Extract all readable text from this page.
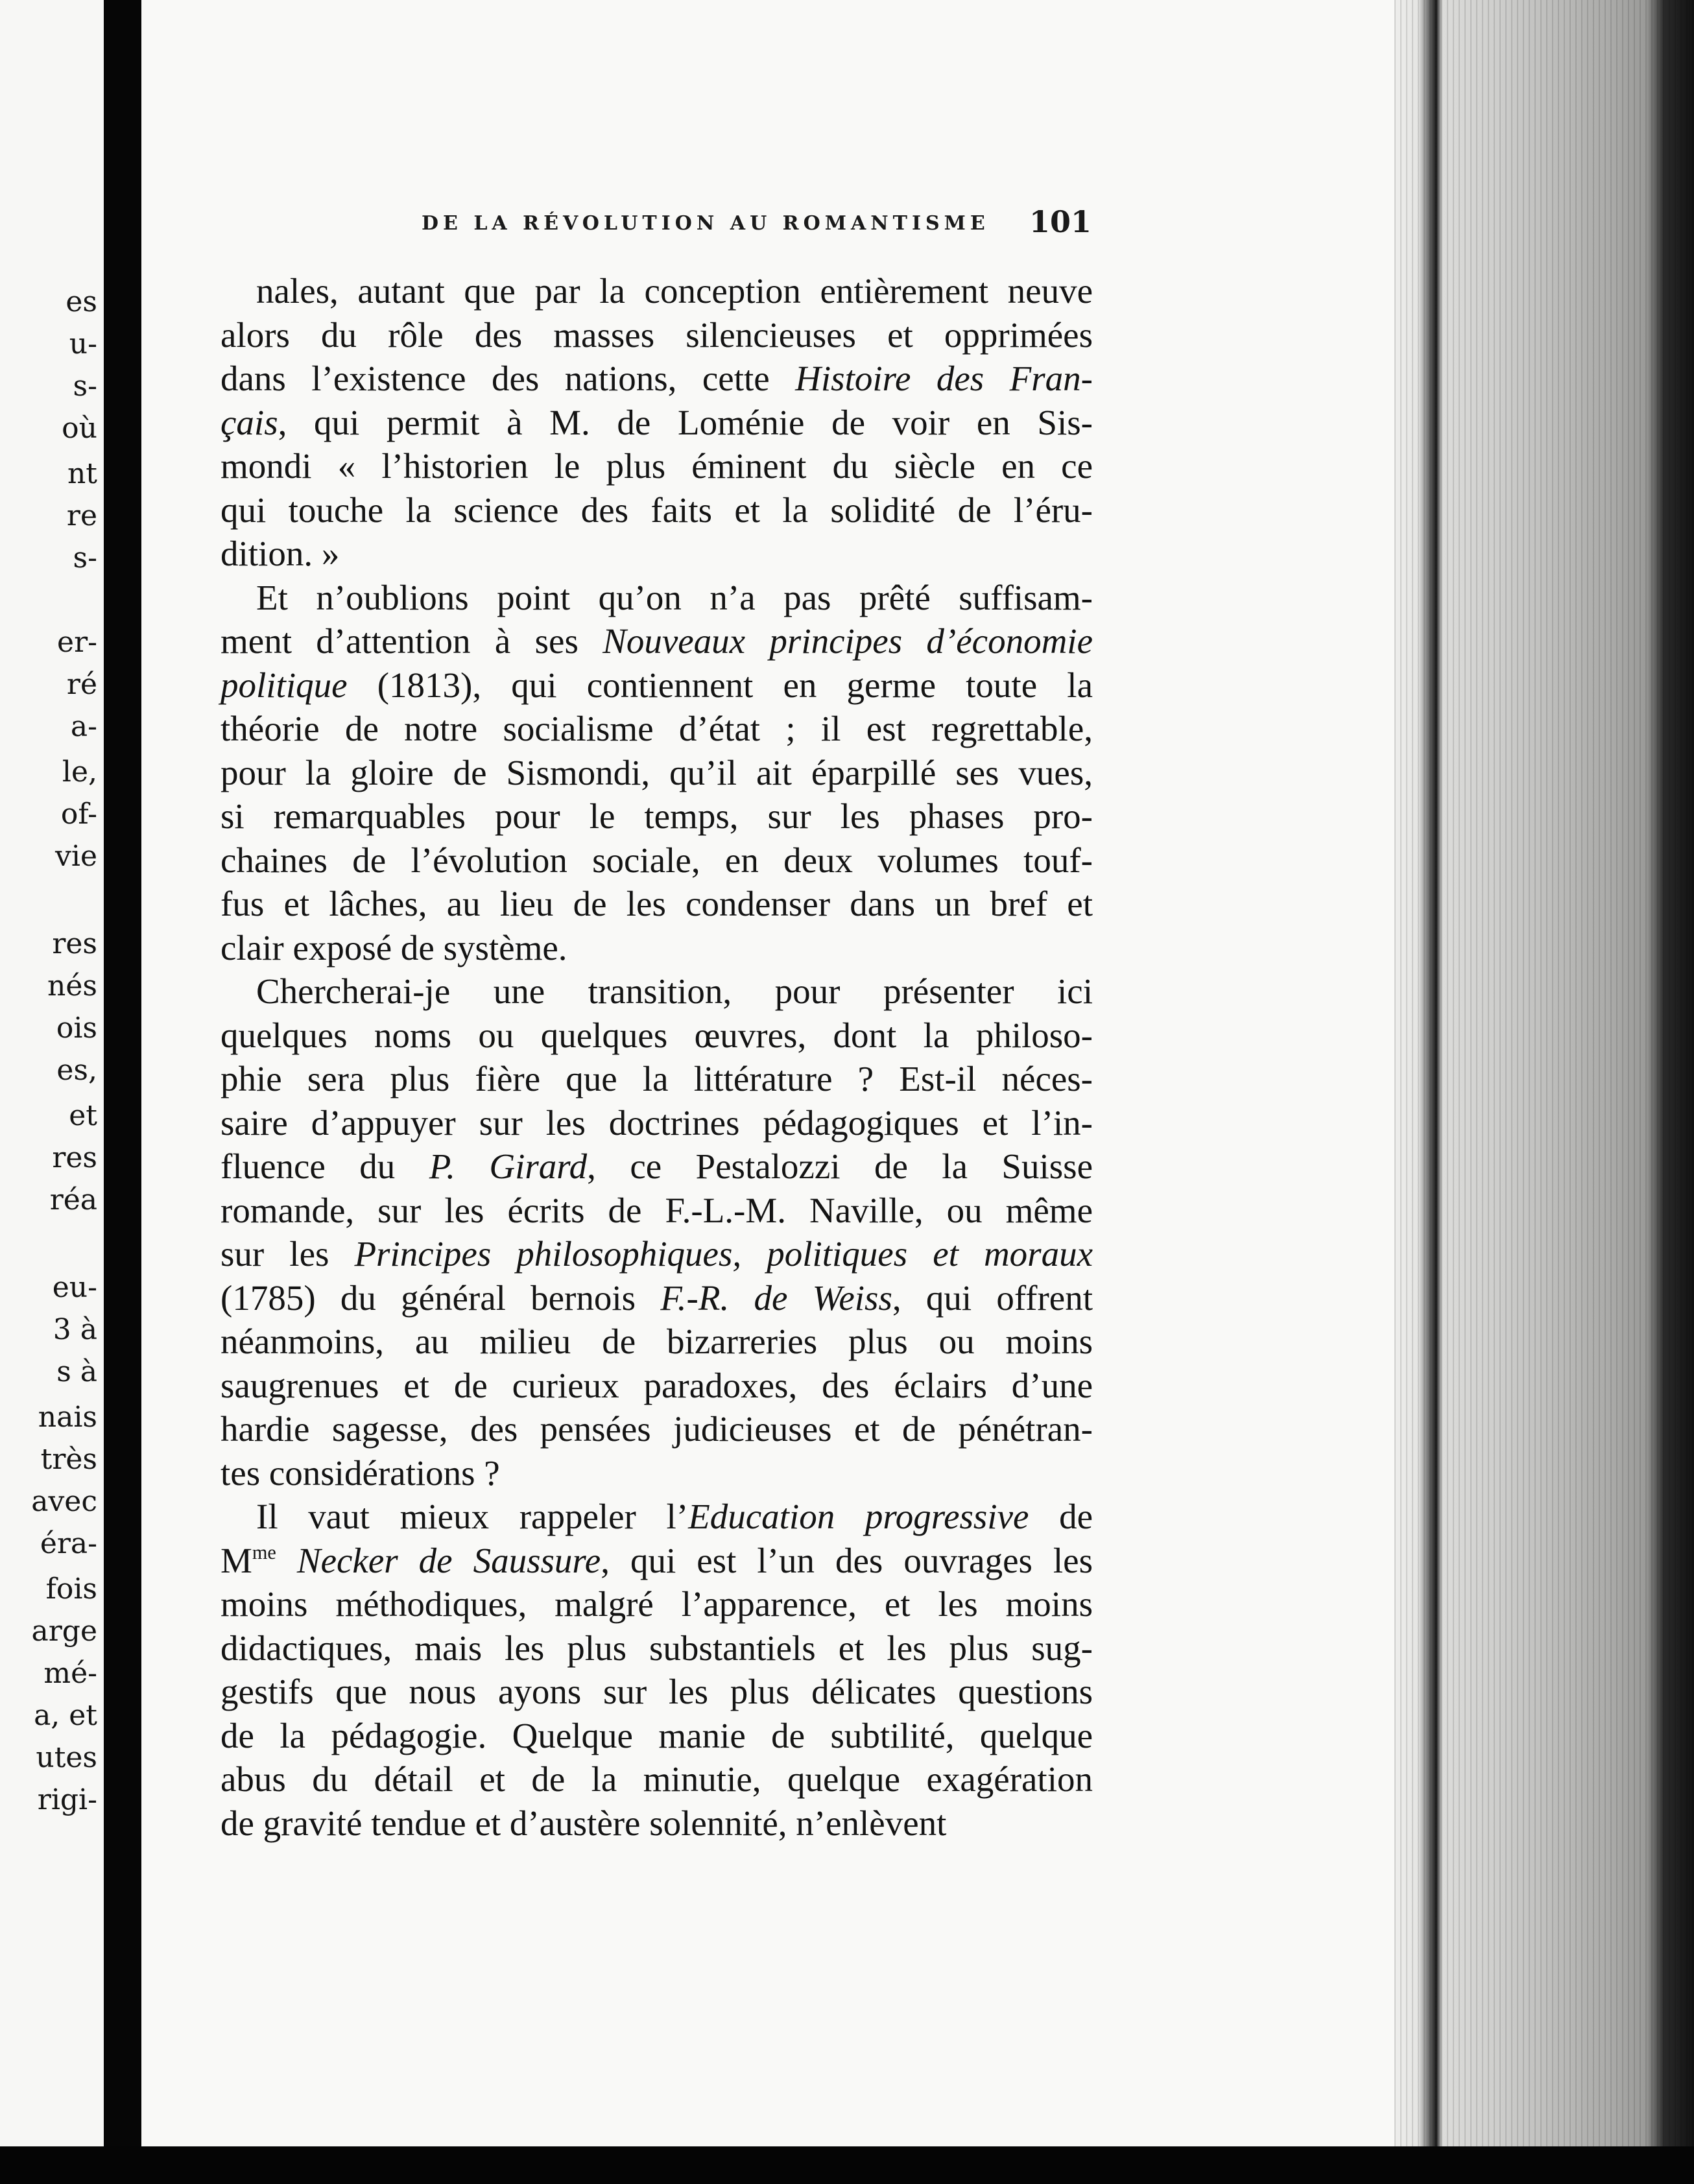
es
u-
s-
où
nt
re
s-
er-
ré
a-
le,
of-
vie
res
nés
ois
es,
et
res
réa
eu-
3 à
s à
nais
très
avec
éra-
fois
arge
mé-
a, et
utes
rigi-
DE LA RÉVOLUTION AU ROMANTISME 101
nales, autant que par la conception entièrement neuve
alors du rôle des masses silencieuses et opprimées
dans l’existence des nations, cette Histoire des Fran-
çais, qui permit à M. de Loménie de voir en Sis-
mondi « l’historien le plus éminent du siècle en ce
qui touche la science des faits et la solidité de l’éru-
dition. »
Et n’oublions point qu’on n’a pas prêté suffisam-
ment d’attention à ses Nouveaux principes d’économie
politique (1813), qui contiennent en germe toute la
théorie de notre socialisme d’état ; il est regrettable,
pour la gloire de Sismondi, qu’il ait éparpillé ses vues,
si remarquables pour le temps, sur les phases pro-
chaines de l’évolution sociale, en deux volumes touf-
fus et lâches, au lieu de les condenser dans un bref et
clair exposé de système.
Chercherai-je une transition, pour présenter ici
quelques noms ou quelques œuvres, dont la philoso-
phie sera plus fière que la littérature ? Est-il néces-
saire d’appuyer sur les doctrines pédagogiques et l’in-
fluence du P. Girard, ce Pestalozzi de la Suisse
romande, sur les écrits de F.-L.-M. Naville, ou même
sur les Principes philosophiques, politiques et moraux
(1785) du général bernois F.-R. de Weiss, qui offrent
néanmoins, au milieu de bizarreries plus ou moins
saugrenues et de curieux paradoxes, des éclairs d’une
hardie sagesse, des pensées judicieuses et de pénétran-
tes considérations ?
Il vaut mieux rappeler l’Education progressive de
$M^{me}$ Necker de Saussure, qui est l’un des ouvrages les
moins méthodiques, malgré l’apparence, et les moins
didactiques, mais les plus substantiels et les plus sug-
gestifs que nous ayons sur les plus délicates questions
de la pédagogie. Quelque manie de subtilité, quelque
abus du détail et de la minutie, quelque exagération
de gravité tendue et d’austère solennité, n’enlèvent
